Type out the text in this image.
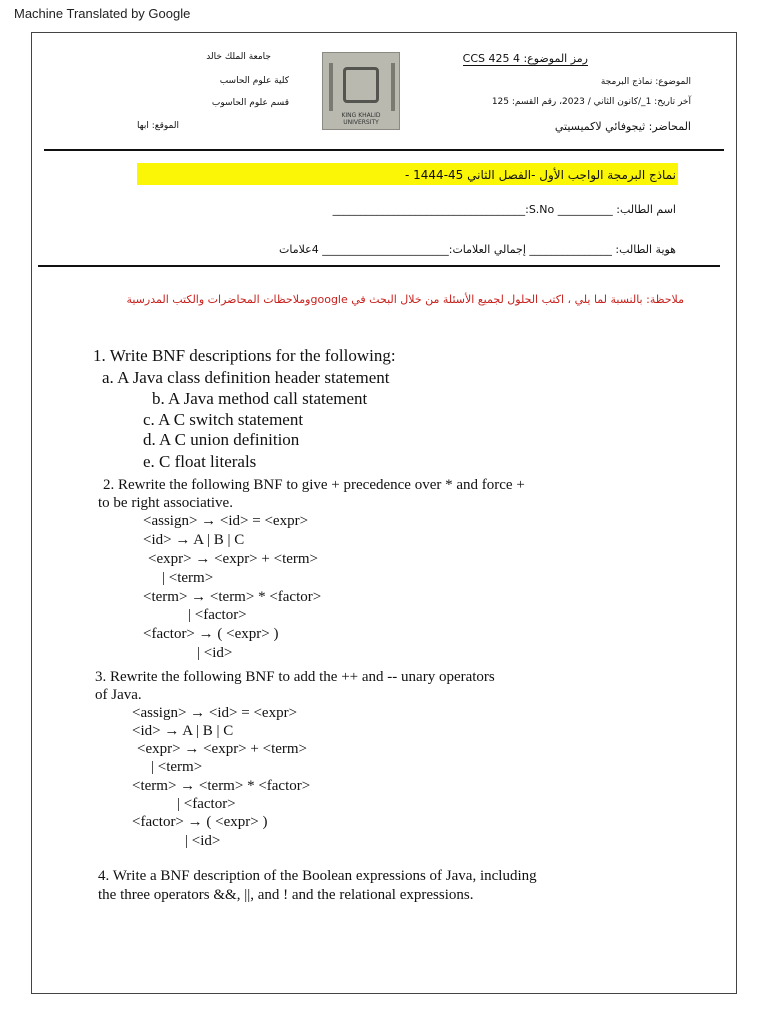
Machine Translated by Google
جامعة الملك خالد
كلية علوم الحاسب
قسم علوم الحاسوب
الموقع: ابها
KING KHALID UNIVERSITY
رمز الموضوع: 4 425 CCS
الموضوع: نماذج البرمجة
آخر تاريخ: 1_/كانون الثاني / 2023، رقم القسم: 125
المحاضر: ثيجوفائي لاكميسيتي
نماذج البرمجة الواجب الأول -الفصل الثاني 45-1444 -
اسم الطالب: __________ S.No:___________________________________
هوية الطالب: _______________ إجمالي العلامات:_______________________ 4علامات
ملاحظة: بالنسبة لما يلي ، اكتب الحلول لجميع الأسئلة من خلال البحث في googleوملاحظات المحاضرات والكتب المدرسية
1. Write BNF descriptions for the following:
a. A Java class definition header statement
b. A Java method call statement
c. A C switch statement
d. A C union definition
e. C float literals
2. Rewrite the following BNF to give + precedence over * and force +
to be right associative.
<assign> → <id> = <expr>
<id> → A | B | C
<expr> → <expr> + <term>
| <term>
<term> → <term> * <factor>
| <factor>
<factor> → ( <expr> )
| <id>
3. Rewrite the following BNF to add the ++ and -- unary operators
of Java.
<assign> → <id> = <expr>
<id> → A | B | C
<expr> → <expr> + <term>
| <term>
<term> → <term> * <factor>
| <factor>
<factor> → ( <expr> )
| <id>
4. Write a BNF description of the Boolean expressions of Java, including
the three operators &&, ||, and ! and the relational expressions.
